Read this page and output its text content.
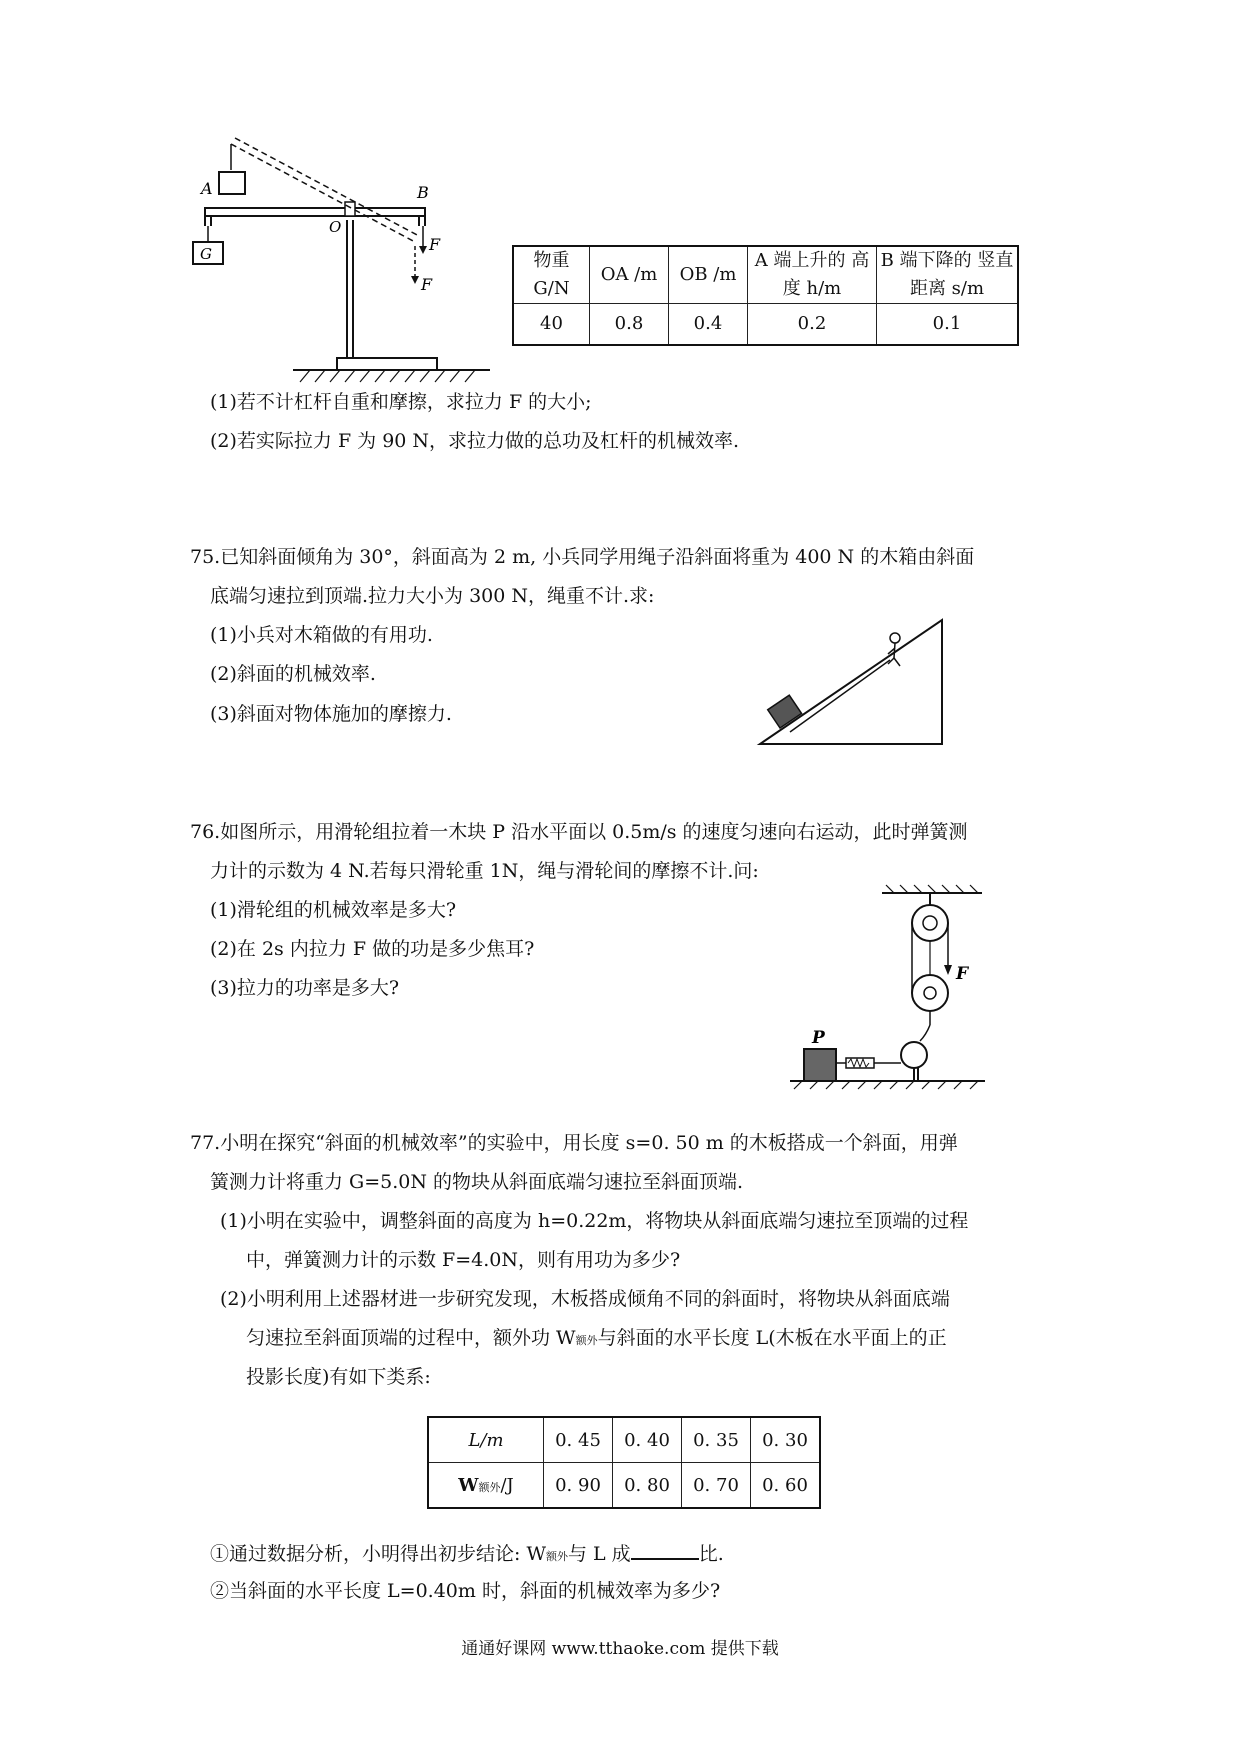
A	B
O
G	F
F
物重 G/N	OA /m	OB /m	A 端上升的 高度 h/m	B 端下降的 竖直距离 s/m
40	0.8	0.4	0.2	0.1
(1)若不计杠杆自重和摩擦，求拉力 F 的大小;
(2)若实际拉力 F 为 90 N，求拉力做的总功及杠杆的机械效率.
75.已知斜面倾角为 30°，斜面高为 2 m, 小兵同学用绳子沿斜面将重为 400 N 的木箱由斜面
底端匀速拉到顶端.拉力大小为 300 N，绳重不计.求:
(1)小兵对木箱做的有用功.
(2)斜面的机械效率.
(3)斜面对物体施加的摩擦力.
76.如图所示，用滑轮组拉着一木块 P 沿水平面以 0.5m/s 的速度匀速向右运动，此时弹簧测
力计的示数为 4 N.若每只滑轮重 1N，绳与滑轮间的摩擦不计.问:
(1)滑轮组的机械效率是多大?
(2)在 2s 内拉力 F 做的功是多少焦耳?
(3)拉力的功率是多大?
P
F
77.小明在探究“斜面的机械效率”的实验中，用长度 s=0. 50 m 的木板搭成一个斜面，用弹
簧测力计将重力 G=5.0N 的物块从斜面底端匀速拉至斜面顶端.
(1)小明在实验中，调整斜面的高度为 h=0.22m，将物块从斜面底端匀速拉至顶端的过程
中，弹簧测力计的示数 F=4.0N，则有用功为多少?
(2)小明利用上述器材进一步研究发现，木板搭成倾角不同的斜面时，将物块从斜面底端
匀速拉至斜面顶端的过程中，额外功 W额外与斜面的水平长度 L(木板在水平面上的正
投影长度)有如下类系:
L/m	0. 45	0. 40	0. 35	0. 30
W额外/J	0. 90	0. 80	0. 70	0. 60
①通过数据分析，小明得出初步结论: W额外与 L 成	比.
②当斜面的水平长度 L=0.40m 时，斜面的机械效率为多少?
通通好课网 www.tthaoke.com 提供下载
